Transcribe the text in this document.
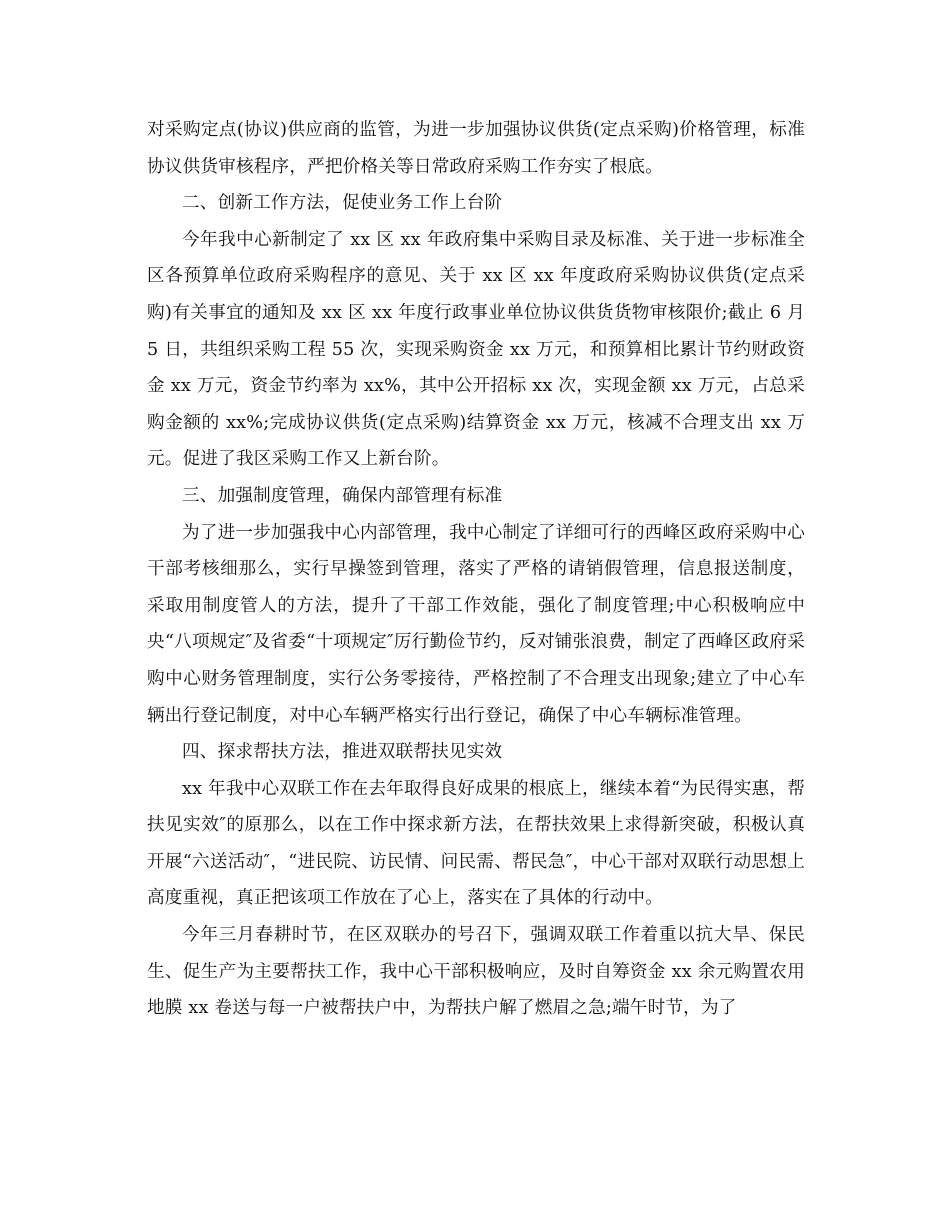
对采购定点(协议)供应商的监管，为进一步加强协议供货(定点采购)价格管理，标准协议供货审核程序，严把价格关等日常政府采购工作夯实了根底。

二、创新工作方法，促使业务工作上台阶

今年我中心新制定了 xx 区 xx 年政府集中采购目录及标准、关于进一步标准全区各预算单位政府采购程序的意见、关于 xx 区 xx 年度政府采购协议供货(定点采购)有关事宜的通知及 xx 区 xx 年度行政事业单位协议供货货物审核限价;截止 6 月 5 日，共组织采购工程 55 次，实现采购资金 xx 万元，和预算相比累计节约财政资金 xx 万元，资金节约率为 xx%，其中公开招标 xx 次，实现金额 xx 万元，占总采购金额的 xx%;完成协议供货(定点采购)结算资金 xx 万元，核减不合理支出 xx 万元。促进了我区采购工作又上新台阶。

三、加强制度管理，确保内部管理有标准

为了进一步加强我中心内部管理，我中心制定了详细可行的西峰区政府采购中心干部考核细那么，实行早操签到管理，落实了严格的请销假管理，信息报送制度，采取用制度管人的方法，提升了干部工作效能，强化了制度管理;中心积极响应中央“八项规定″及省委“十项规定″厉行勤俭节约，反对铺张浪费，制定了西峰区政府采购中心财务管理制度，实行公务零接待，严格控制了不合理支出现象;建立了中心车辆出行登记制度，对中心车辆严格实行出行登记，确保了中心车辆标准管理。

四、探求帮扶方法，推进双联帮扶见实效

xx 年我中心双联工作在去年取得良好成果的根底上，继续本着“为民得实惠，帮扶见实效″的原那么，以在工作中探求新方法，在帮扶效果上求得新突破，积极认真开展“六送活动″，“进民院、访民情、问民需、帮民急″，中心干部对双联行动思想上高度重视，真正把该项工作放在了心上，落实在了具体的行动中。

今年三月春耕时节，在区双联办的号召下，强调双联工作着重以抗大旱、保民生、促生产为主要帮扶工作，我中心干部积极响应，及时自筹资金 xx 余元购置农用地膜 xx 卷送与每一户被帮扶户中，为帮扶户解了燃眉之急;端午时节，为了
